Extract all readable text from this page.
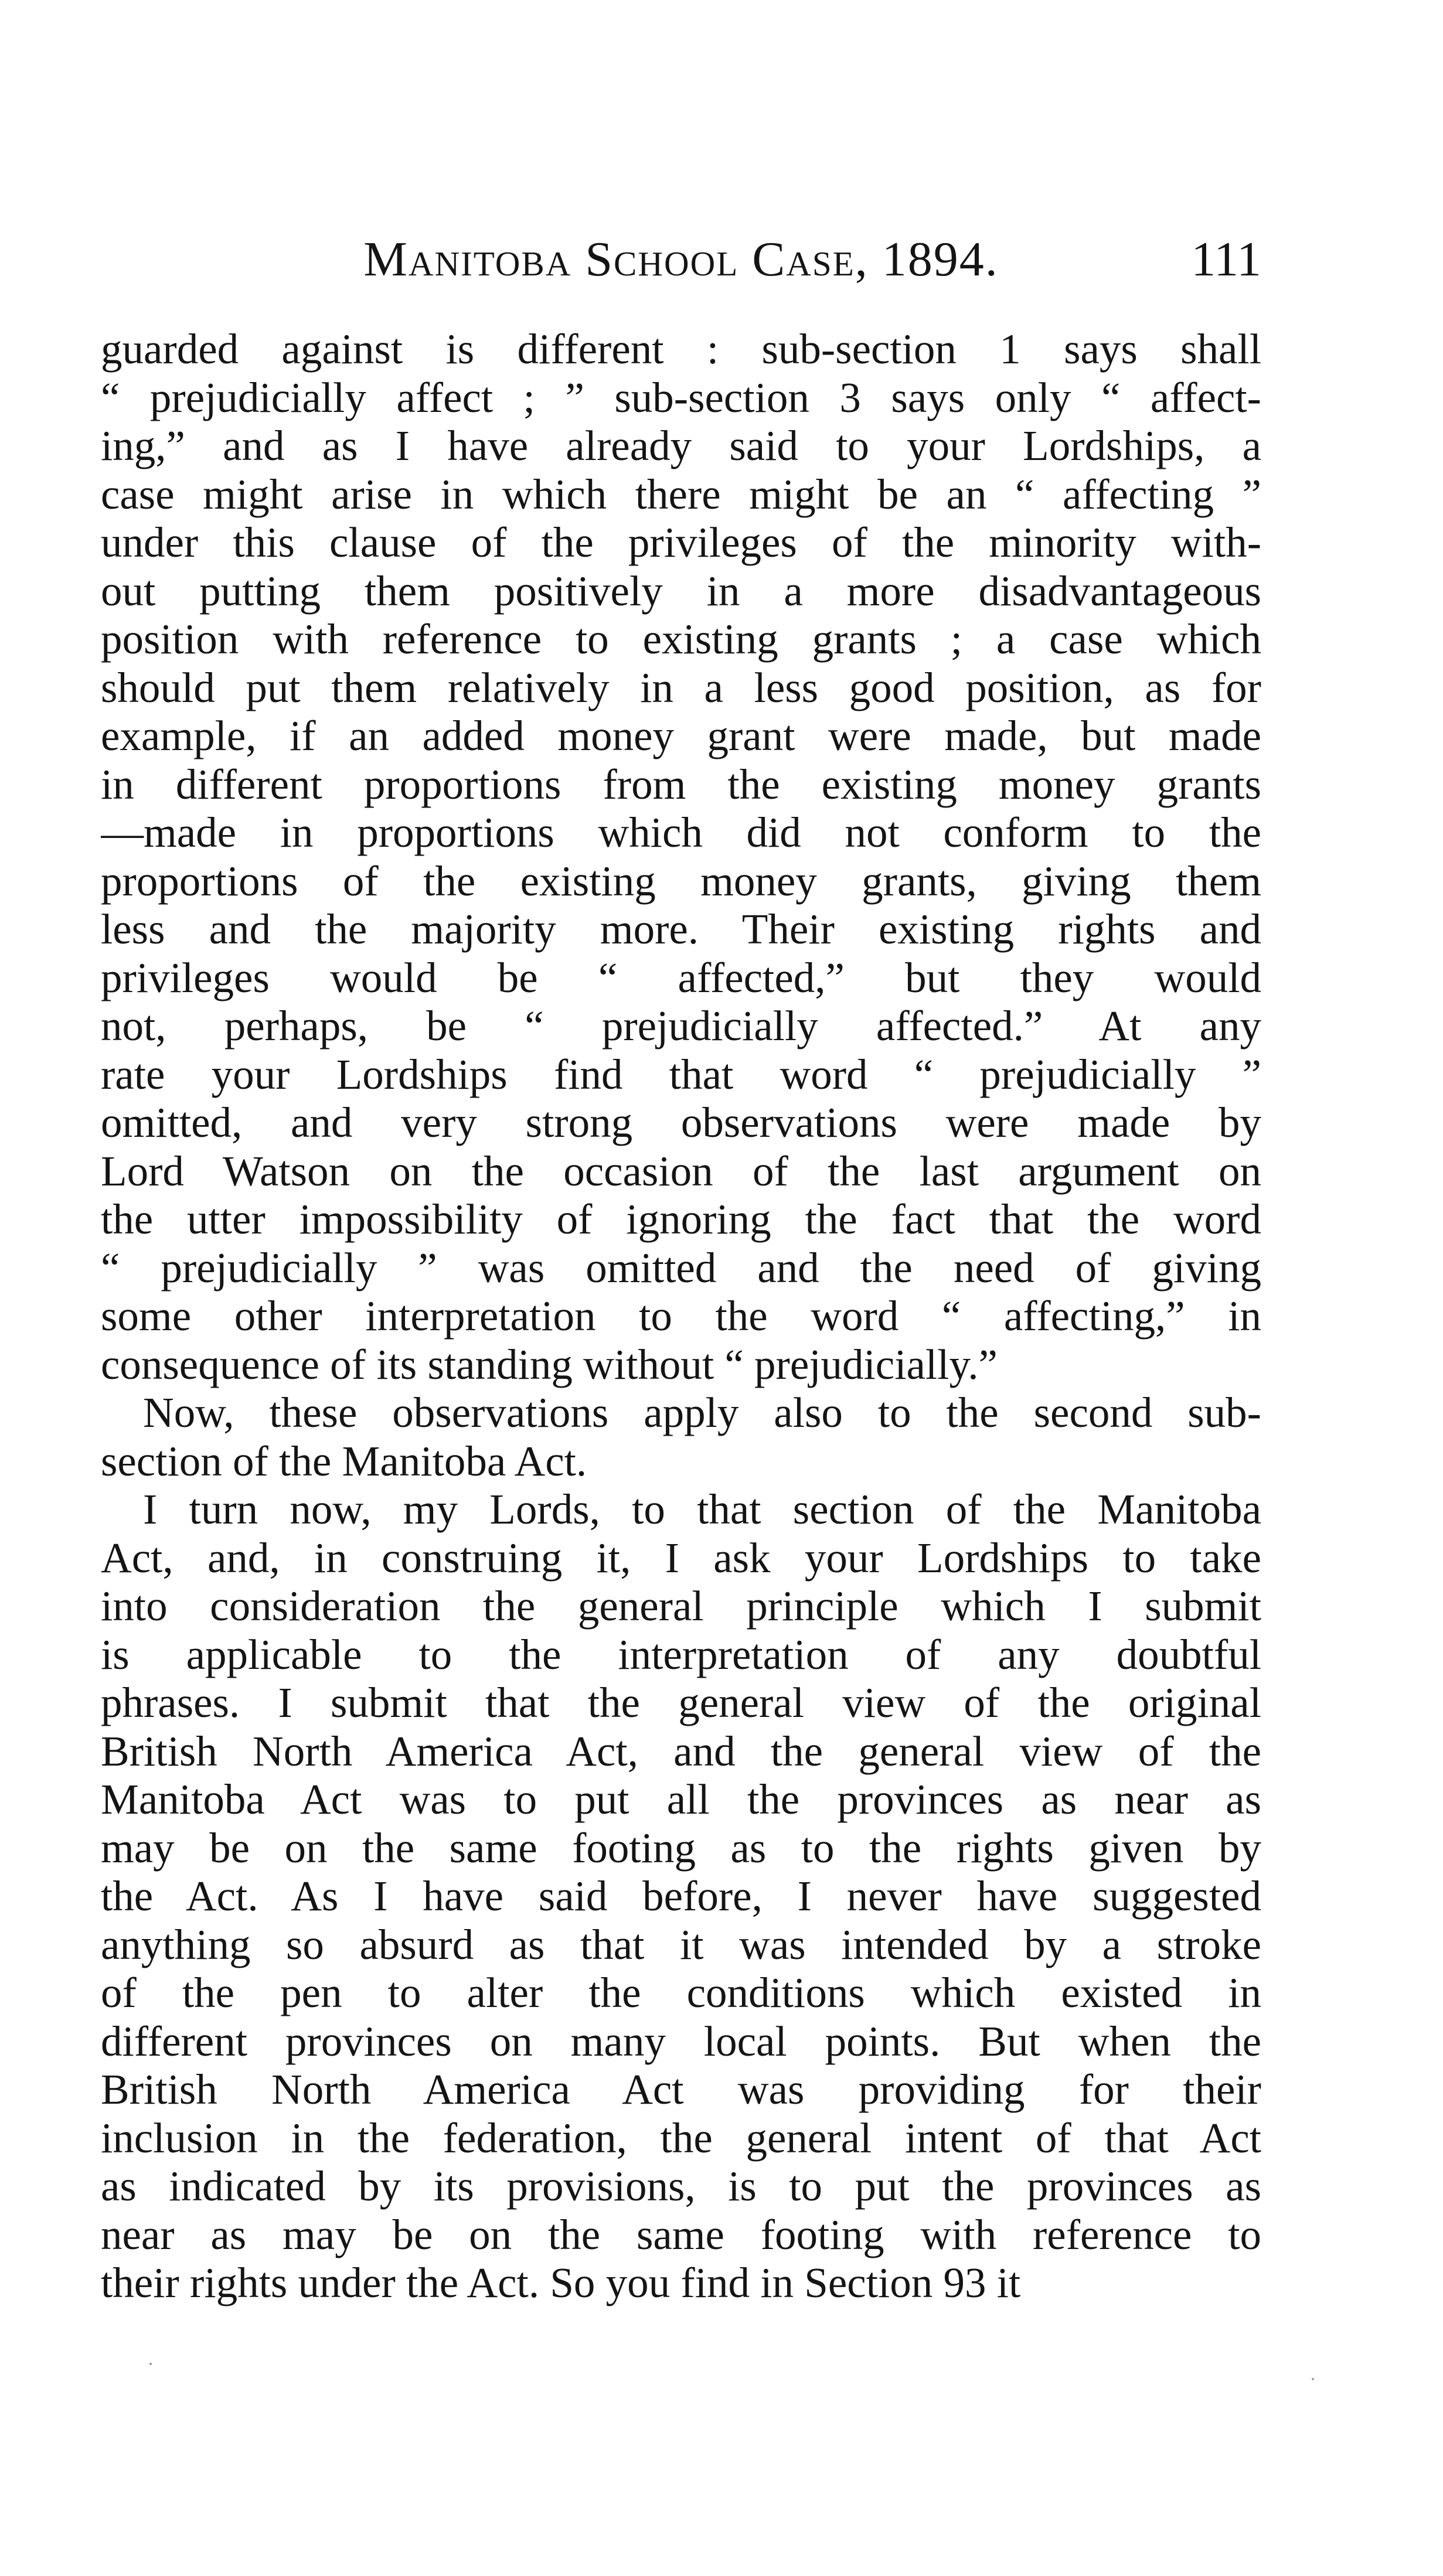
Manitoba School Case, 1894.	111

guarded against is different : sub-section 1 says shall
“ prejudicially affect ; ” sub-section 3 says only “ affect-
ing,” and as I have already said to your Lordships, a
case might arise in which there might be an “ affecting ”
under this clause of the privileges of the minority with-
out putting them positively in a more disadvantageous
position with reference to existing grants ; a case which
should put them relatively in a less good position, as for
example, if an added money grant were made, but made
in different proportions from the existing money grants
—made in proportions which did not conform to the
proportions of the existing money grants, giving them
less and the majority more. Their existing rights and
privileges would be “ affected,” but they would
not, perhaps, be “ prejudicially affected.” At any
rate your Lordships find that word “ prejudicially ”
omitted, and very strong observations were made by
Lord Watson on the occasion of the last argument on
the utter impossibility of ignoring the fact that the word
“ prejudicially ” was omitted and the need of giving
some other interpretation to the word “ affecting,” in
consequence of its standing without “ prejudicially.”

Now, these observations apply also to the second sub-
section of the Manitoba Act.

I turn now, my Lords, to that section of the Manitoba
Act, and, in construing it, I ask your Lordships to take
into consideration the general principle which I submit
is applicable to the interpretation of any doubtful
phrases. I submit that the general view of the original
British North America Act, and the general view of the
Manitoba Act was to put all the provinces as near as
may be on the same footing as to the rights given by
the Act. As I have said before, I never have suggested
anything so absurd as that it was intended by a stroke
of the pen to alter the conditions which existed in
different provinces on many local points. But when the
British North America Act was providing for their
inclusion in the federation, the general intent of that Act
as indicated by its provisions, is to put the provinces as
near as may be on the same footing with reference to
their rights under the Act. So you find in Section 93 it
